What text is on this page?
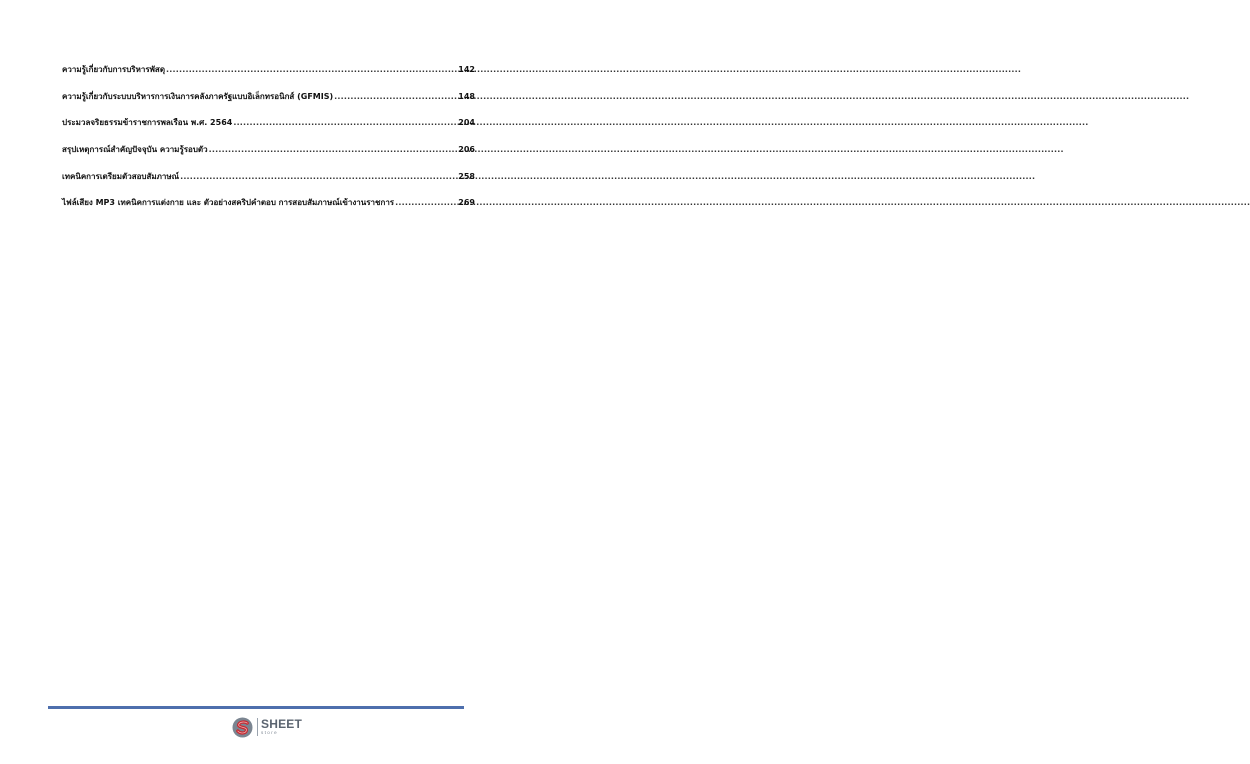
ความรู้เกี่ยวกับการบริหารพัสดุ .....	142
ความรู้เกี่ยวกับระบบบริหารการเงินการคลังภาครัฐแบบอิเล็กทรอนิกส์ (GFMIS) .....	148
ประมวลจริยธรรมข้าราชการพลเรือน พ.ศ. 2564 .....	204
สรุปเหตุการณ์สำคัญปัจจุบัน ความรู้รอบตัว .....	206
เทคนิคการเตรียมตัวสอบสัมภาษณ์ .....	258
ไฟล์เสียง MP3 เทคนิคการแต่งกาย และ ตัวอย่างสคริปคำตอบ การสอบสัมภาษณ์เข้างานราชการ .....	269
SHEET
store
